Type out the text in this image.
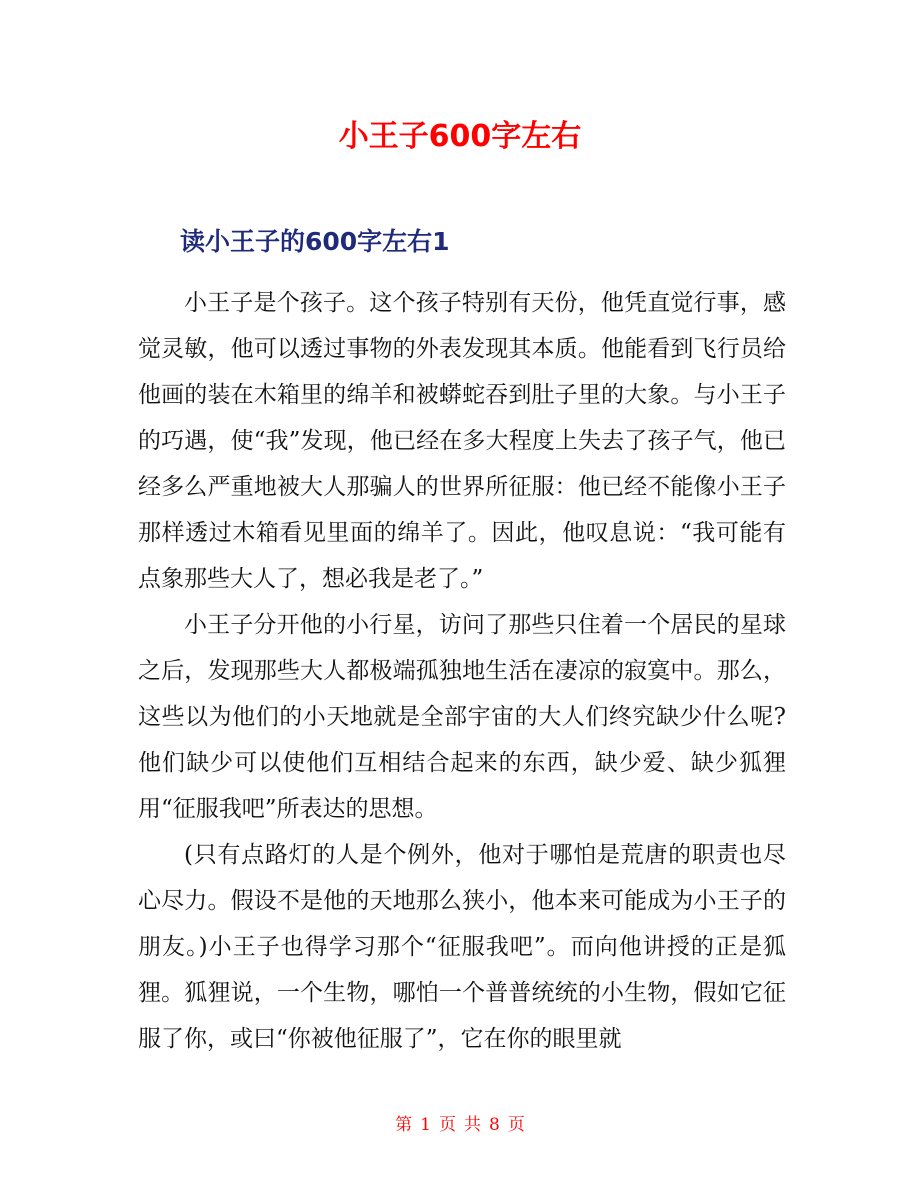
小王子600字左右
读小王子的600字左右1

小王子是个孩子。这个孩子特别有天份，他凭直觉行事，感觉灵敏，他可以透过事物的外表发现其本质。他能看到飞行员给他画的装在木箱里的绵羊和被蟒蛇吞到肚子里的大象。与小王子的巧遇，使“我”发现，他已经在多大程度上失去了孩子气，他已经多么严重地被大人那骗人的世界所征服：他已经不能像小王子那样透过木箱看见里面的绵羊了。因此，他叹息说：“我可能有点象那些大人了，想必我是老了。”

小王子分开他的小行星，访问了那些只住着一个居民的星球之后，发现那些大人都极端孤独地生活在凄凉的寂寞中。那么，这些以为他们的小天地就是全部宇宙的大人们终究缺少什么呢?他们缺少可以使他们互相结合起来的东西，缺少爱、缺少狐狸用“征服我吧”所表达的思想。

(只有点路灯的人是个例外，他对于哪怕是荒唐的职责也尽心尽力。假设不是他的天地那么狭小，他本来可能成为小王子的朋友。)小王子也得学习那个“征服我吧”。而向他讲授的正是狐狸。狐狸说，一个生物，哪怕一个普普统统的小生物，假如它征服了你，或曰“你被他征服了”，它在你的眼里就

第 1 页 共 8 页
